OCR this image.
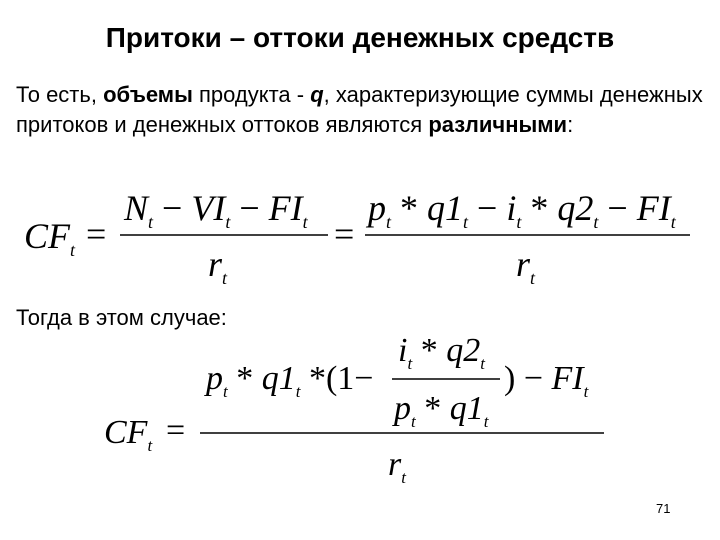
Притоки – оттоки денежных средств
То есть, объемы продукта - q, характеризующие суммы денежных притоков и денежных оттоков являются различными:
$CF_t$ =
$N_t - VI_t - FI_t$
$r_t$
=
$p_t * q1_t - i_t * q2_t - FI_t$
$r_t$
Тогда в этом случае:
$CF_t$ =
$p_t * q1_t$ *(1−
$i_t * q2_t$
$p_t * q1_t$
) − $FI_t$
$r_t$
71
